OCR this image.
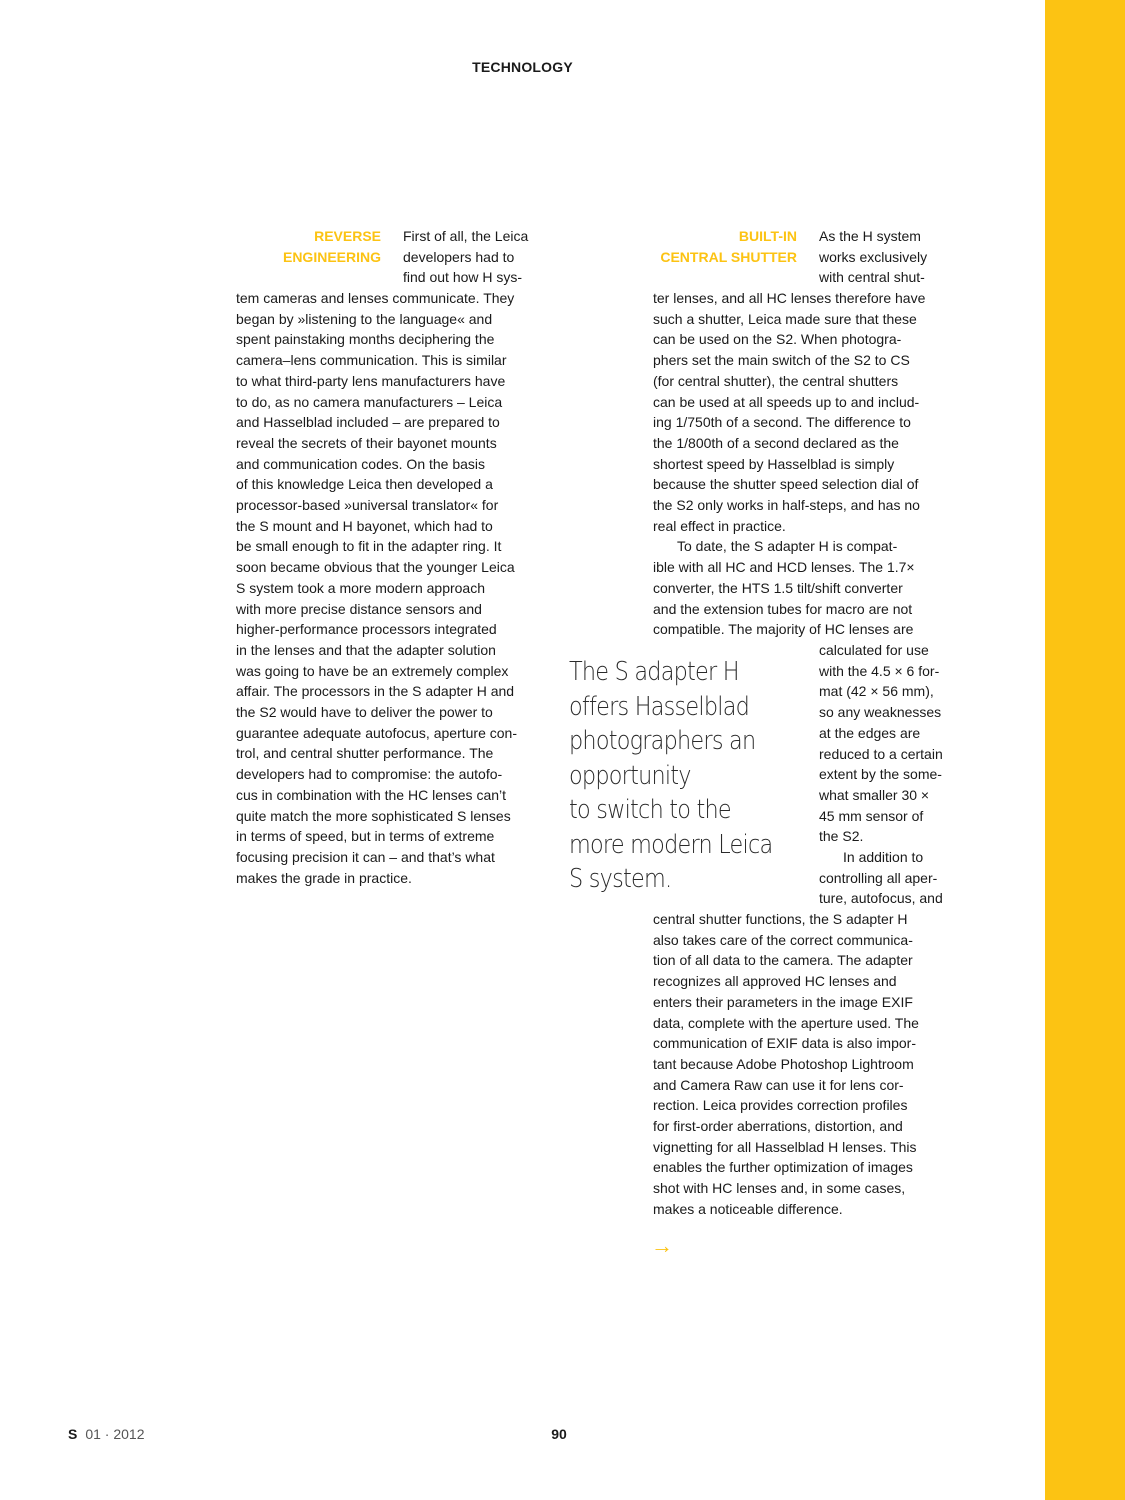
TECHNOLOGY
REVERSE
ENGINEERING
First of all, the Leica
developers had to
find out how H sys-
tem cameras and lenses communicate. They
began by »listening to the language« and
spent painstaking months deciphering the
camera–lens communication. This is similar
to what third-party lens manufacturers have
to do, as no camera manufacturers – Leica
and Hasselblad included – are prepared to
reveal the secrets of their bayonet mounts
and communication codes. On the basis
of this knowledge Leica then developed a
processor-based »universal translator« for
the S mount and H bayonet, which had to
be small enough to fit in the adapter ring. It
soon became obvious that the younger Leica
S system took a more modern approach
with more precise distance sensors and
higher-performance processors integrated
in the lenses and that the adapter solution
was going to have be an extremely complex
affair. The processors in the S adapter H and
the S2 would have to deliver the power to
guarantee adequate autofocus, aperture con-
trol, and central shutter performance. The
developers had to compromise: the autofo-
cus in combination with the HC lenses can’t
quite match the more sophisticated S lenses
in terms of speed, but in terms of extreme
focusing precision it can – and that’s what
makes the grade in practice.
The S adapter H
offers Hasselblad
photographers an
opportunity
to switch to the
more modern Leica
S system.
BUILT-IN
CENTRAL SHUTTER
As the H system
works exclusively
with central shut-
ter lenses, and all HC lenses therefore have
such a shutter, Leica made sure that these
can be used on the S2. When photogra-
phers set the main switch of the S2 to CS
(for central shutter), the central shutters
can be used at all speeds up to and includ-
ing 1/750th of a second. The difference to
the 1/800th of a second declared as the
shortest speed by Hasselblad is simply
because the shutter speed selection dial of
the S2 only works in half-steps, and has no
real effect in practice.
To date, the S adapter H is compat-
ible with all HC and HCD lenses. The 1.7×
converter, the HTS 1.5 tilt/shift converter
and the extension tubes for macro are not
compatible. The majority of HC lenses are
calculated for use
with the 4.5 × 6 for-
mat (42 × 56 mm),
so any weaknesses
at the edges are
reduced to a certain
extent by the some-
what smaller 30 ×
45 mm sensor of
the S2.
In addition to
controlling all aper-
ture, autofocus, and
central shutter functions, the S adapter H
also takes care of the correct communica-
tion of all data to the camera. The adapter
recognizes all approved HC lenses and
enters their parameters in the image EXIF
data, complete with the aperture used. The
communication of EXIF data is also impor-
tant because Adobe Photoshop Lightroom
and Camera Raw can use it for lens cor-
rection. Leica provides correction profiles
for first-order aberrations, distortion, and
vignetting for all Hasselblad H lenses. This
enables the further optimization of images
shot with HC lenses and, in some cases,
makes a noticeable difference.
→
S 01 · 2012	90
